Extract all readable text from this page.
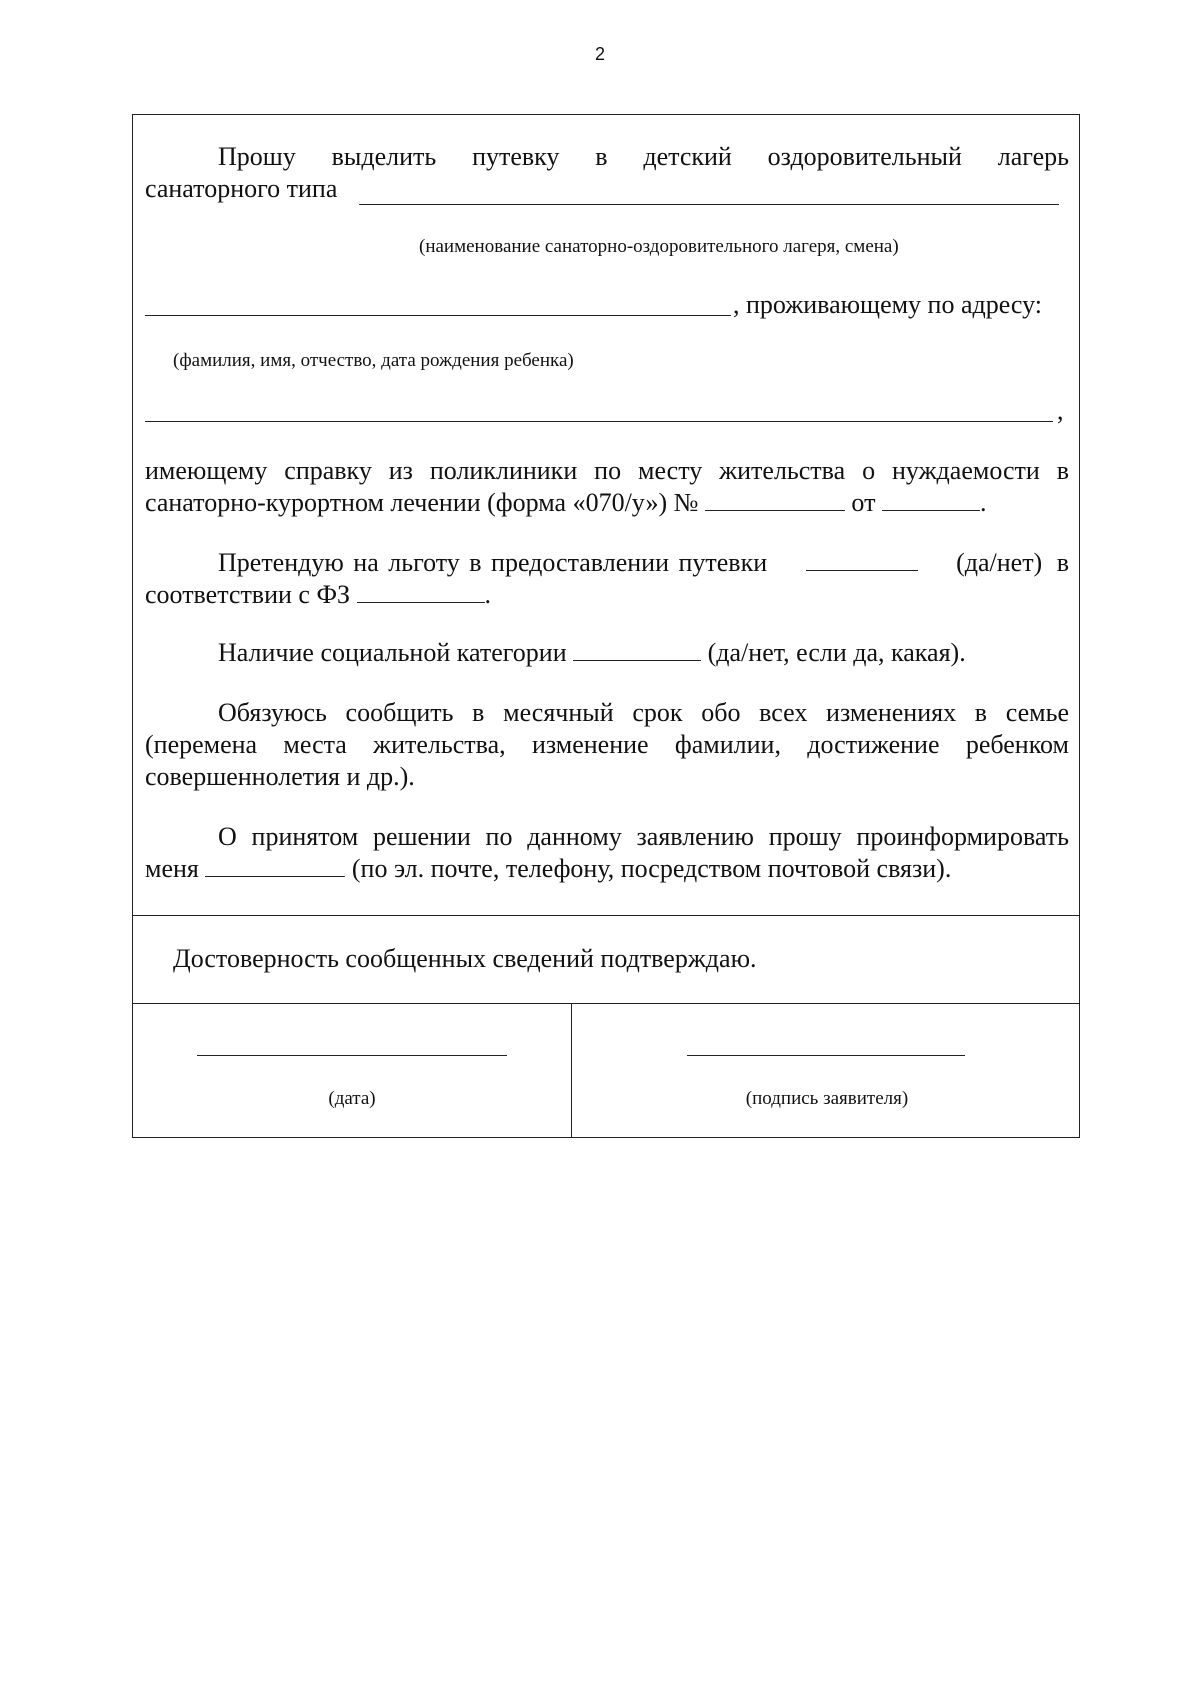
2
Прошу выделить путевку в детский оздоровительный лагерь
санаторного типа
(наименование санаторно-оздоровительного лагеря, смена)
, проживающему по адресу:
(фамилия, имя, отчество, дата рождения ребенка)
,
имеющему справку из поликлиники по месту жительства о нуждаемости в
санаторно-курортном лечении (форма «070/у») №	от	.
Претендую на льготу в предоставлении путевки	(да/нет) в
соответствии с ФЗ	.
Наличие социальной категории	(да/нет, если да, какая).
Обязуюсь сообщить в месячный срок обо всех изменениях в семье
(перемена места жительства, изменение фамилии, достижение ребенком
совершеннолетия и др.).
О принятом решении по данному заявлению прошу проинформировать
меня	(по эл. почте, телефону, посредством почтовой связи).
Достоверность сообщенных сведений подтверждаю.
(дата)	(подпись заявителя)
